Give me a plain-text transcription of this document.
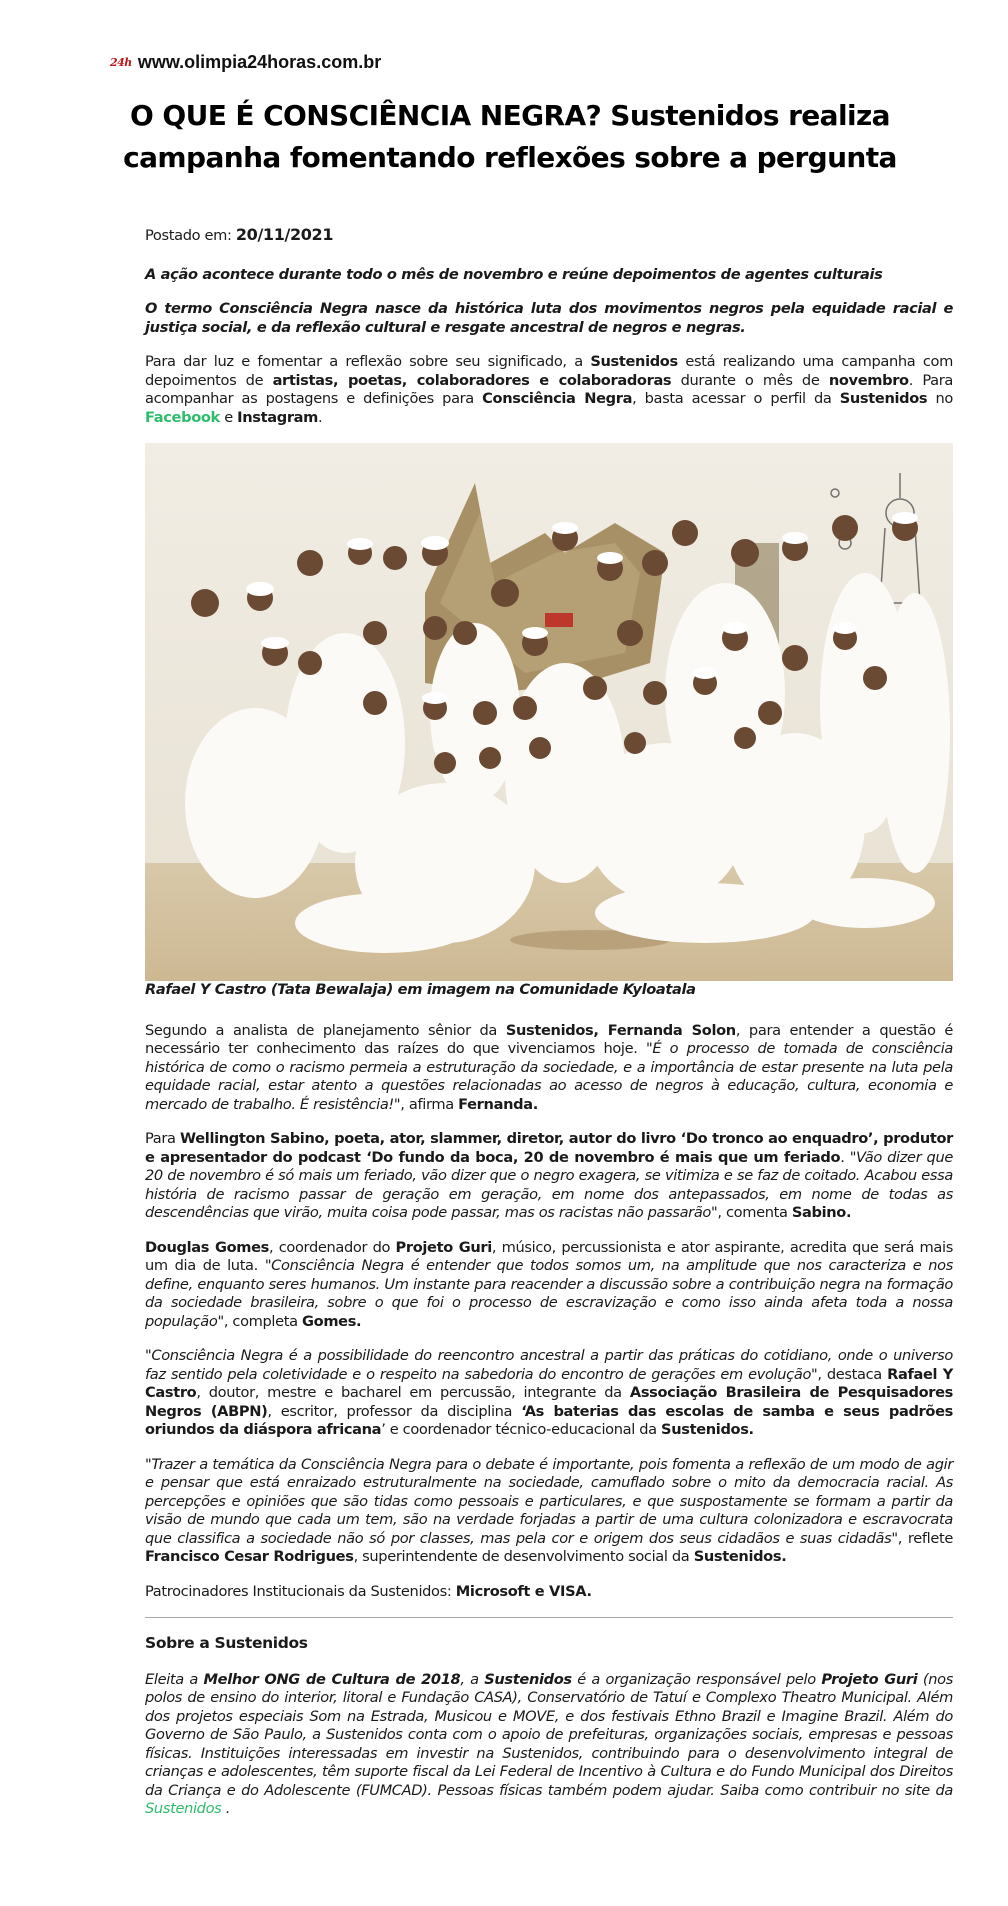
24h www.olimpia24horas.com.br
O QUE É CONSCIÊNCIA NEGRA? Sustenidos realiza campanha fomentando reflexões sobre a pergunta

Postado em: 20/11/2021

A ação acontece durante todo o mês de novembro e reúne depoimentos de agentes culturais

O termo Consciência Negra nasce da histórica luta dos movimentos negros pela equidade racial e justiça social, e da reflexão cultural e resgate ancestral de negros e negras.

Para dar luz e fomentar a reflexão sobre seu significado, a Sustenidos está realizando uma campanha com depoimentos de artistas, poetas, colaboradores e colaboradoras durante o mês de novembro. Para acompanhar as postagens e definições para Consciência Negra, basta acessar o perfil da Sustenidos no Facebook e Instagram.

Rafael Y Castro (Tata Bewalaja) em imagem na Comunidade Kyloatala

Segundo a analista de planejamento sênior da Sustenidos, Fernanda Solon, para entender a questão é necessário ter conhecimento das raízes do que vivenciamos hoje. "É o processo de tomada de consciência histórica de como o racismo permeia a estruturação da sociedade, e a importância de estar presente na luta pela equidade racial, estar atento a questões relacionadas ao acesso de negros à educação, cultura, economia e mercado de trabalho. É resistência!", afirma Fernanda.

Para Wellington Sabino, poeta, ator, slammer, diretor, autor do livro ‘Do tronco ao enquadro’, produtor e apresentador do podcast ‘Do fundo da boca, 20 de novembro é mais que um feriado. "Vão dizer que 20 de novembro é só mais um feriado, vão dizer que o negro exagera, se vitimiza e se faz de coitado. Acabou essa história de racismo passar de geração em geração, em nome dos antepassados, em nome de todas as descendências que virão, muita coisa pode passar, mas os racistas não passarão", comenta Sabino.

Douglas Gomes, coordenador do Projeto Guri, músico, percussionista e ator aspirante, acredita que será mais um dia de luta. "Consciência Negra é entender que todos somos um, na amplitude que nos caracteriza e nos define, enquanto seres humanos. Um instante para reacender a discussão sobre a contribuição negra na formação da sociedade brasileira, sobre o que foi o processo de escravização e como isso ainda afeta toda a nossa população", completa Gomes.

"Consciência Negra é a possibilidade do reencontro ancestral a partir das práticas do cotidiano, onde o universo faz sentido pela coletividade e o respeito na sabedoria do encontro de gerações em evolução", destaca Rafael Y Castro, doutor, mestre e bacharel em percussão, integrante da Associação Brasileira de Pesquisadores Negros (ABPN), escritor, professor da disciplina ‘As baterias das escolas de samba e seus padrões oriundos da diáspora africana’ e coordenador técnico-educacional da Sustenidos.

"Trazer a temática da Consciência Negra para o debate é importante, pois fomenta a reflexão de um modo de agir e pensar que está enraizado estruturalmente na sociedade, camuflado sobre o mito da democracia racial. As percepções e opiniões que são tidas como pessoais e particulares, e que suspostamente se formam a partir da visão de mundo que cada um tem, são na verdade forjadas a partir de uma cultura colonizadora e escravocrata que classifica a sociedade não só por classes, mas pela cor e origem dos seus cidadãos e suas cidadãs", reflete Francisco Cesar Rodrigues, superintendente de desenvolvimento social da Sustenidos.

Patrocinadores Institucionais da Sustenidos: Microsoft e VISA.

Sobre a Sustenidos

Eleita a Melhor ONG de Cultura de 2018, a Sustenidos é a organização responsável pelo Projeto Guri (nos polos de ensino do interior, litoral e Fundação CASA), Conservatório de Tatuí e Complexo Theatro Municipal. Além dos projetos especiais Som na Estrada, Musicou e MOVE, e dos festivais Ethno Brazil e Imagine Brazil. Além do Governo de São Paulo, a Sustenidos conta com o apoio de prefeituras, organizações sociais, empresas e pessoas físicas. Instituições interessadas em investir na Sustenidos, contribuindo para o desenvolvimento integral de crianças e adolescentes, têm suporte fiscal da Lei Federal de Incentivo à Cultura e do Fundo Municipal dos Direitos da Criança e do Adolescente (FUMCAD). Pessoas físicas também podem ajudar. Saiba como contribuir no site da Sustenidos .
